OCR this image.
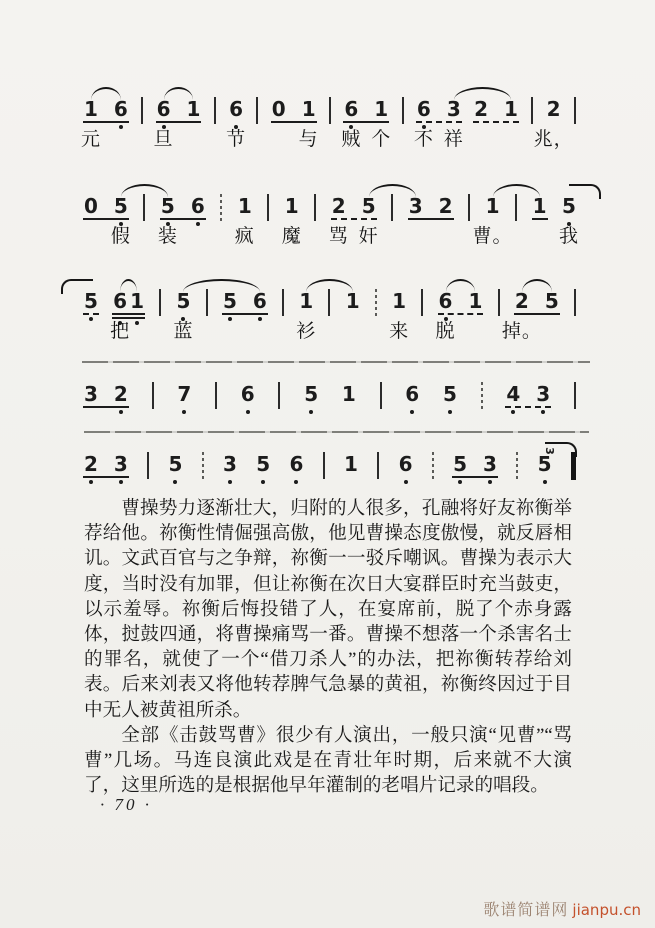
1
元
6 6
旦
1 6
节
0 1
与
6
贼
1
个
6
不
3
祥
2 1 2
兆，
0 5
假
5
装
6 1
疯
1
魔
2
骂
5
奸
3 2 1
曹。
1 5
我
5 6
把
1 5
蓝
5 6 1
衫
1 1
来
6
脱
1 2
掉。
5
3 2 7 6 5 1 6 5 4 3
2 3 5 3 5 6 1 6 5 3 5
3

曹操势力逐渐壮大，归附的人很多，孔融将好友祢衡举荐给他。祢衡性情倔强高傲，他见曹操态度傲慢，就反唇相讥。文武百官与之争辩，祢衡一一驳斥嘲讽。曹操为表示大度，当时没有加罪，但让祢衡在次日大宴群臣时充当鼓吏，以示羞辱。祢衡后悔投错了人，在宴席前，脱了个赤身露体，挝鼓四通，将曹操痛骂一番。曹操不想落一个杀害名士的罪名，就使了一个“借刀杀人”的办法，把祢衡转荐给刘表。后来刘表又将他转荐脾气急暴的黄祖，祢衡终因过于目中无人被黄祖所杀。

全部《击鼓骂曹》很少有人演出，一般只演“见曹”“骂曹”几场。马连良演此戏是在青壮年时期，后来就不大演了，这里所选的是根据他早年灌制的老唱片记录的唱段。

· 70 ·
歌谱简谱网 jianpu.cn
